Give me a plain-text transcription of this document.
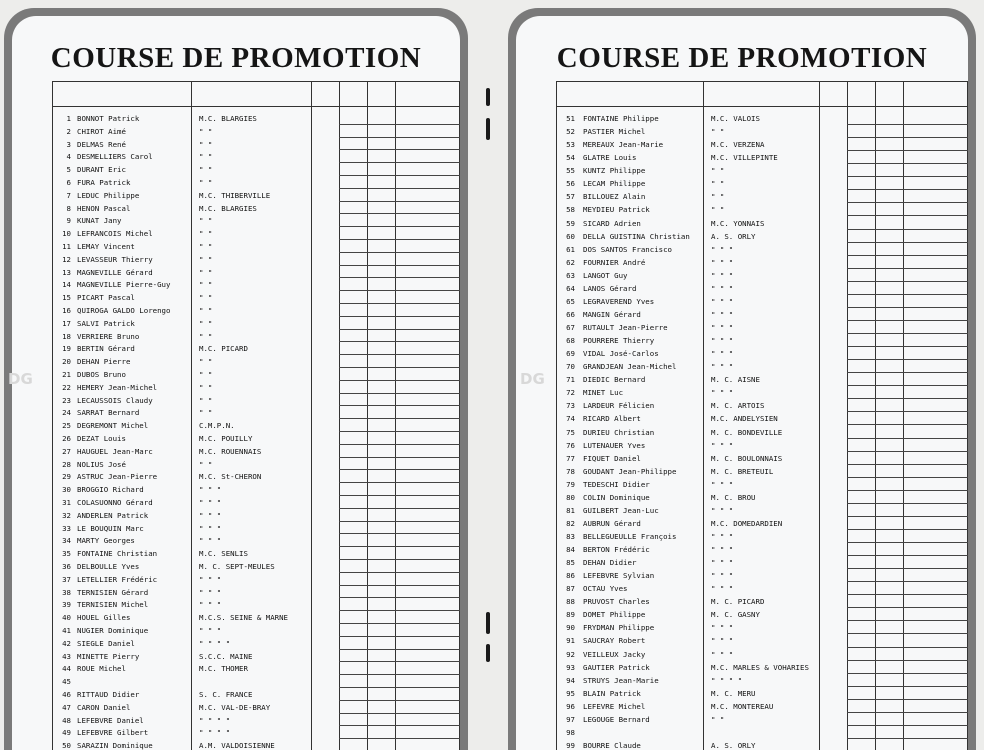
COURSE DE PROMOTION
1 BONNOT Patrick	M.C. BLARGIES
2 CHIROT Aimé	" "
3 DELMAS René	" "
4 DESMELLIERS Carol	" "
5 DURANT Eric	" "
6 FURA Patrick	" "
7 LEDUC Philippe	M.C. THIBERVILLE
8 HENON Pascal	M.C. BLARGIES
9 KUNAT Jany	" "
10 LEFRANCOIS Michel	" "
11 LEMAY Vincent	" "
12 LEVASSEUR Thierry	" "
13 MAGNEVILLE Gérard	" "
14 MAGNEVILLE Pierre-Guy	" "
15 PICART Pascal	" "
16 QUIROGA GALDO Lorengo	" "
17 SALVI Patrick	" "
18 VERRIERE Bruno	" "
19 BERTIN Gérard	M.C. PICARD
20 DEHAN Pierre	" "
21 DUBOS Bruno	" "
22 HEMERY Jean-Michel	" "
23 LECAUSSOIS Claudy	" "
24 SARRAT Bernard	" "
25 DEGREMONT Michel	C.M.P.N.
26 DEZAT Louis	M.C. POUILLY
27 HAUGUEL Jean-Marc	M.C. ROUENNAIS
28 NOLIUS José	" "
29 ASTRUC Jean-Pierre	M.C. St-CHERON
30 BROGGIO Richard	" " "
31 COLASUONNO Gérard	" " "
32 ANDERLEN Patrick	" " "
33 LE BOUQUIN Marc	" " "
34 MARTY Georges	" " "
35 FONTAINE Christian	M.C. SENLIS
36 DELBOULLE Yves	M. C. SEPT-MEULES
37 LETELLIER Frédéric	" " "
38 TERNISIEN Gérard	" " "
39 TERNISIEN Michel	" " "
40 HOUEL Gilles	M.C.S. SEINE & MARNE
41 NUGIER Dominique	" " "
42 SIEGLE Daniel	" " " "
43 MINETTE Pierry	S.C.C. MAINE
44 ROUE Michel	M.C. THOMER
45
46 RITTAUD Didier	S. C. FRANCE
47 CARON Daniel	M.C. VAL-DE-BRAY
48 LEFEBVRE Daniel	" " " "
49 LEFEBVRE Gilbert	" " " "
50 SARAZIN Dominique	A.M. VALDOISIENNE
COURSE DE PROMOTION
51 FONTAINE Philippe	M.C. VALOIS
52 PASTIER Michel	" "
53 MEREAUX Jean-Marie	M.C. VERZENA
54 GLATRE Louis	M.C. VILLEPINTE
55 KUNTZ Philippe	" "
56 LECAM Philippe	" "
57 BILLOUEZ Alain	" "
58 MEYDIEU Patrick	" "
59 SICARD Adrien	M.C. YONNAIS
60 DELLA GUISTINA Christian	A. S. ORLY
61 DOS SANTOS Francisco	" " "
62 FOURNIER André	" " "
63 LANGOT Guy	" " "
64 LANOS Gérard	" " "
65 LEGRAVEREND Yves	" " "
66 MANGIN Gérard	" " "
67 RUTAULT Jean-Pierre	" " "
68 POURRERE Thierry	" " "
69 VIDAL José-Carlos	" " "
70 GRANDJEAN Jean-Michel	" " "
71 DIEDIC Bernard	M. C. AISNE
72 MINET Luc	" " "
73 LARDEUR Félicien	M. C. ARTOIS
74 RICARD Albert	M.C. ANDELYSIEN
75 DURIEU Christian	M. C. BONDEVILLE
76 LUTENAUER Yves	" " "
77 FIQUET Daniel	M. C. BOULONNAIS
78 GOUDANT Jean-Philippe	M. C. BRETEUIL
79 TEDESCHI Didier	" " "
80 COLIN Dominique	M. C. BROU
81 GUILBERT Jean-Luc	" " "
82 AUBRUN Gérard	M.C. DOMEDARDIEN
83 BELLEGUEULLE François	" " "
84 BERTON Frédéric	" " "
85 DEHAN Didier	" " "
86 LEFEBVRE Sylvian	" " "
87 OCTAU Yves	" " "
88 PRUVOST Charles	M. C. PICARD
89 DOMET Philippe	M. C. GASNY
90 FRYDMAN Philippe	" " "
91 SAUCRAY Robert	" " "
92 VEILLEUX Jacky	" " "
93 GAUTIER Patrick	M.C. MARLES & VOHARIES
94 STRUYS Jean-Marie	" " " "
95 BLAIN Patrick	M. C. MERU
96 LEFEVRE Michel	M.C. MONTEREAU
97 LEGOUGE Bernard	" "
98
99 BOURRE Claude	A. S. ORLY
DG	DG
